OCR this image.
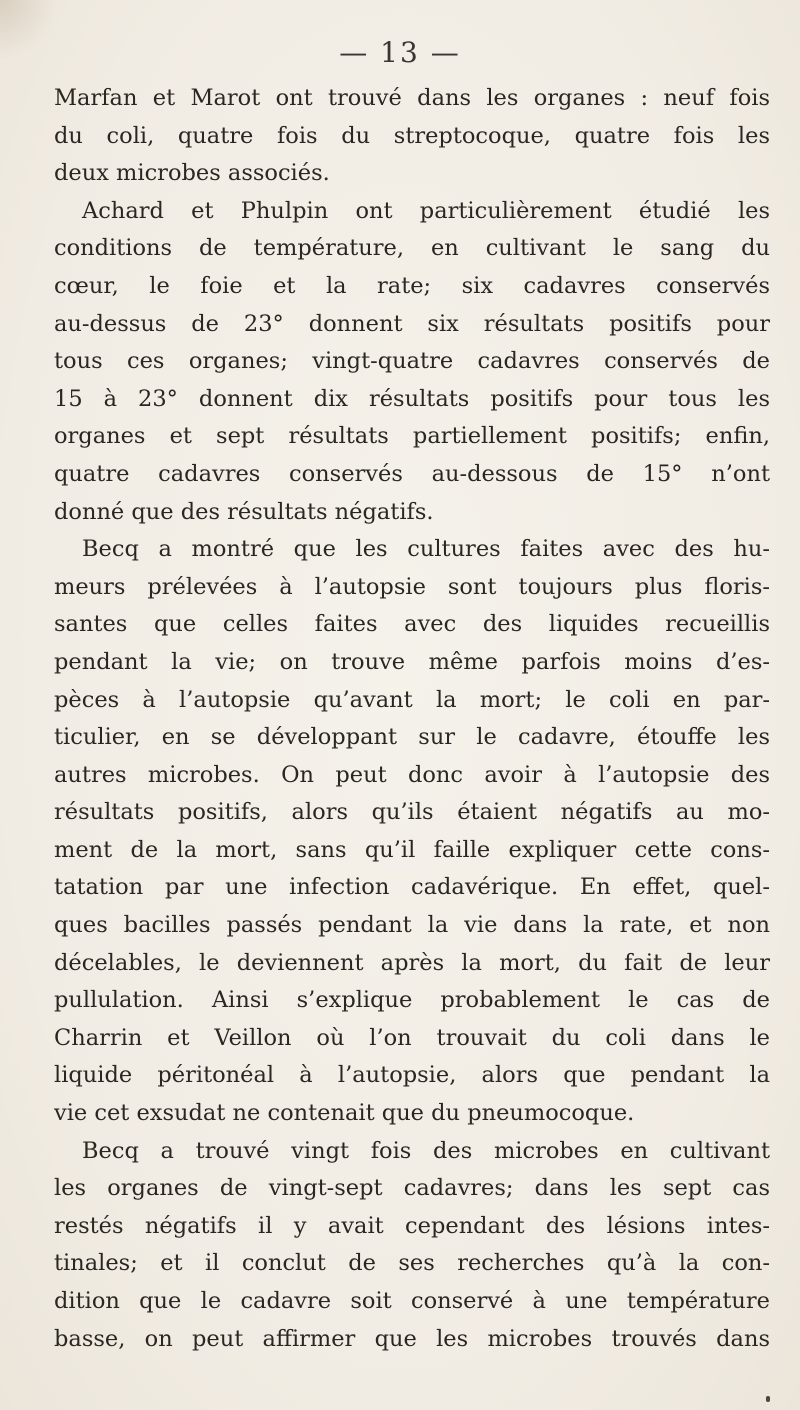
— 13 —
Marfan et Marot ont trouvé dans les organes : neuf fois
du coli, quatre fois du streptocoque, quatre fois les
deux microbes associés.
Achard et Phulpin ont particulièrement étudié les
conditions de température, en cultivant le sang du
cœur, le foie et la rate; six cadavres conservés
au-dessus de 23° donnent six résultats positifs pour
tous ces organes; vingt-quatre cadavres conservés de
15 à 23° donnent dix résultats positifs pour tous les
organes et sept résultats partiellement positifs; enfin,
quatre cadavres conservés au-dessous de 15° n’ont
donné que des résultats négatifs.
Becq a montré que les cultures faites avec des hu-
meurs prélevées à l’autopsie sont toujours plus floris-
santes que celles faites avec des liquides recueillis
pendant la vie; on trouve même parfois moins d’es-
pèces à l’autopsie qu’avant la mort; le coli en par-
ticulier, en se développant sur le cadavre, étouffe les
autres microbes. On peut donc avoir à l’autopsie des
résultats positifs, alors qu’ils étaient négatifs au mo-
ment de la mort, sans qu’il faille expliquer cette cons-
tatation par une infection cadavérique. En effet, quel-
ques bacilles passés pendant la vie dans la rate, et non
décelables, le deviennent après la mort, du fait de leur
pullulation. Ainsi s’explique probablement le cas de
Charrin et Veillon où l’on trouvait du coli dans le
liquide péritonéal à l’autopsie, alors que pendant la
vie cet exsudat ne contenait que du pneumocoque.
Becq a trouvé vingt fois des microbes en cultivant
les organes de vingt-sept cadavres; dans les sept cas
restés négatifs il y avait cependant des lésions intes-
tinales; et il conclut de ses recherches qu’à la con-
dition que le cadavre soit conservé à une température
basse, on peut affirmer que les microbes trouvés dans
